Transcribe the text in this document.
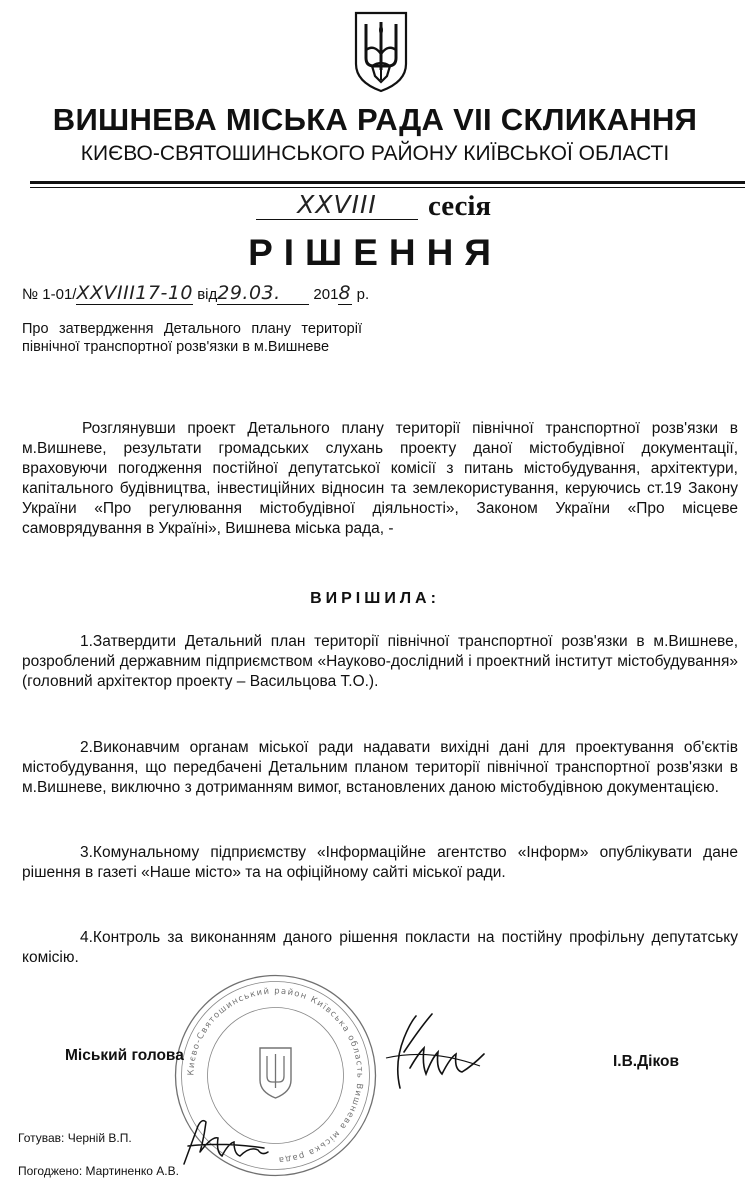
ВИШНЕВА МІСЬКА РАДА VII СКЛИКАННЯ
КИЄВО-СВЯТОШИНСЬКОГО РАЙОНУ КИЇВСЬКОЇ ОБЛАСТІ
XXVIII	сесія
РІШЕННЯ
№ 1-01/XXVIII17-10 від29.03. 2018 р.
Про затвердження Детального плану території північної транспортної розв'язки в м.Вишневе
Розглянувши проект Детального плану території північної транспортної розв'язки в м.Вишневе, результати громадських слухань проекту даної містобудівної документації, враховуючи погодження постійної депутатської комісії з питань містобудування, архітектури, капітального будівництва, інвестиційних відносин та землекористування, керуючись ст.19 Закону України «Про регулювання містобудівної діяльності», Законом України «Про місцеве самоврядування в Україні», Вишнева міська рада, -
ВИРІШИЛА:
1.Затвердити Детальний план території північної транспортної розв'язки в м.Вишневе, розроблений державним підприємством «Науково-дослідний і проектний інститут містобудування» (головний архітектор проекту – Васильцова Т.О.).
2.Виконавчим органам міської ради надавати вихідні дані для проектування об'єктів містобудування, що передбачені Детальним планом території північної транспортної розв'язки в м.Вишневе, виключно з дотриманням вимог, встановлених даною містобудівною документацією.
3.Комунальному підприємству «Інформаційне агентство «Інформ» опублікувати дане рішення в газеті «Наше місто» та на офіційному сайті міської ради.
4.Контроль за виконанням даного рішення покласти на постійну профільну депутатську комісію.
Києво-Святошинський район Київська область Вишнева міська рада
Міський голова	І.В.Діков
Готував: Черній В.П.
Погоджено: Мартиненко А.В.
